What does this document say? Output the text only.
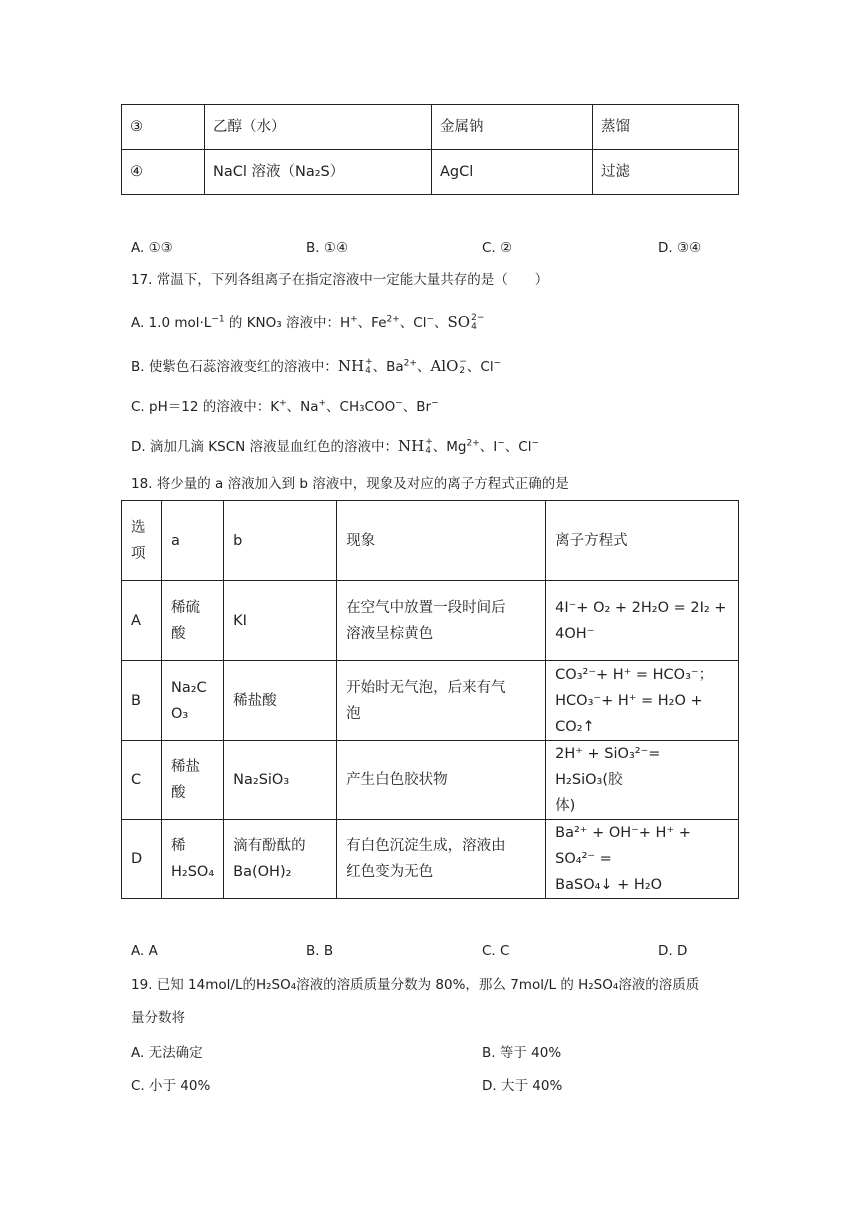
③	乙醇（水）	金属钠	蒸馏
④	NaCl 溶液（Na₂S）	AgCl	过滤
A. ①③	B. ①④	C. ②	D. ③④
17. 常温下，下列各组离子在指定溶液中一定能大量共存的是（　　）
A. 1.0 $mol\cdot L^{-1}$ 的 KNO₃ 溶液中：H+、$Fe^{2+}$、Cl−、SO2−
4
B. 使紫色石蕊溶液变红的溶液中：NH+
4 、$Ba^{2+}$、AlO−
2 、Cl−
C. pH＝12 的溶液中：K+、Na+、CH₃COO−、Br−
D. 滴加几滴 KSCN 溶液显血红色的溶液中：NH+
4 、$Mg^{2+}$、I−、Cl−
18. 将少量的 a 溶液加入到 b 溶液中，现象及对应的离子方程式正确的是
选
项	a	b	现象	离子方程式
A	稀硫
酸	KI	在空气中放置一段时间后
溶液呈棕黄色	4I⁻+ O₂ + 2H₂O = 2I₂ +
4OH⁻
B	Na₂C
O₃	稀盐酸	开始时无气泡，后来有气
泡	CO₃²⁻+ H⁺ = HCO₃⁻；
HCO₃⁻+ H⁺ = H₂O + CO₂↑
C	稀盐
酸	Na₂SiO₃	产生白色胶状物	2H⁺ + SiO₃²⁻= H₂SiO₃(胶
体)
D	稀
H₂SO₄	滴有酚酞的
Ba(OH)₂	有白色沉淀生成，溶液由
红色变为无色	Ba²⁺ + OH⁻+ H⁺ + SO₄²⁻ =
BaSO₄↓ + H₂O
A. A	B. B	C. C	D. D
19. 已知 14mol/L的H₂SO₄溶液的溶质质量分数为 80%，那么 7mol/L 的 H₂SO₄溶液的溶质质
量分数将
A. 无法确定	B. 等于 40%
C. 小于 40%	D. 大于 40%
